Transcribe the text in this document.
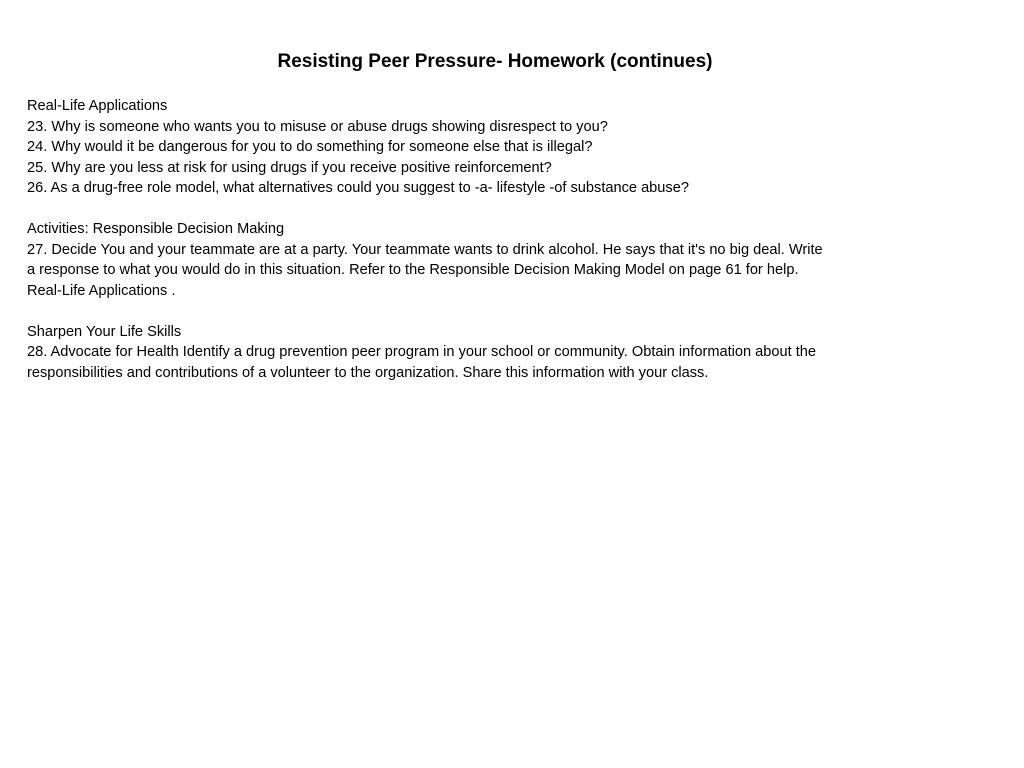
Resisting Peer Pressure- Homework (continues)
Real-Life Applications
23. Why is someone who wants you to misuse or abuse drugs showing disrespect to you?
24. Why would it be dangerous for you to do something for someone else that is illegal?
25. Why are you less at risk for using drugs if you receive positive reinforcement?
26. As a drug-free role model, what alternatives could you suggest to -a- lifestyle -of substance abuse?
Activities: Responsible Decision Making
27. Decide You and your teammate are at a party. Your teammate wants to drink alcohol. He says that it's no big deal. Write
a response to what you would do in this situation. Refer to the Responsible Decision Making Model on page 61 for help.
Real-Life Applications .
Sharpen Your Life Skills
28. Advocate for Health Identify a drug prevention peer program in your school or community. Obtain information about the
responsibilities and contributions of a volunteer to the organization. Share this information with your class.
